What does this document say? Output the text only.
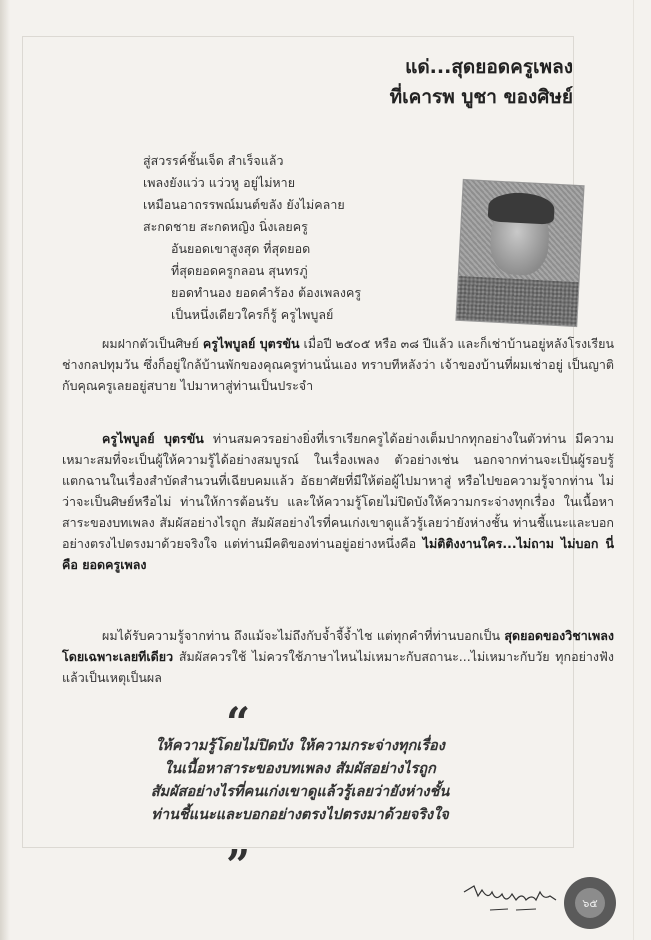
แด่...สุดยอดครูเพลง
ที่เคารพ บูชา ของศิษย์
สู่สวรรค์ชั้นเจ็ด สำเร็จแล้ว
เพลงยังแว่ว แว่วหู อยู่ไม่หาย
เหมือนอาถรรพณ์มนต์ขลัง ยังไม่คลาย
สะกดชาย สะกดหญิง นิ่งเลยครู
อันยอดเขาสูงสุด ที่สุดยอด
ที่สุดยอดครูกลอน สุนทรภู่
ยอดทำนอง ยอดคำร้อง ต้องเพลงครู
เป็นหนึ่งเดียวใครก็รู้ ครูไพบูลย์

ผมฝากตัวเป็นศิษย์ ครูไพบูลย์ บุตรขัน เมื่อปี ๒๕๐๕ หรือ ๓๘ ปีแล้ว และก็เช่าบ้านอยู่หลังโรงเรียนช่างกลปทุมวัน ซึ่งก็อยู่ใกล้บ้านพักของคุณครูท่านนั่นเอง ทราบทีหลังว่า เจ้าของบ้านที่ผมเช่าอยู่ เป็นญาติกับคุณครูเลยอยู่สบาย ไปมาหาสู่ท่านเป็นประจำ

ครูไพบูลย์ บุตรขัน ท่านสมควรอย่างยิ่งที่เราเรียกครูได้อย่างเต็มปากทุกอย่างในตัวท่าน มีความเหมาะสมที่จะเป็นผู้ให้ความรู้ได้อย่างสมบูรณ์ ในเรื่องเพลง ตัวอย่างเช่น นอกจากท่านจะเป็นผู้รอบรู้ แตกฉานในเรื่องสำบัดสำนวนที่เฉียบคมแล้ว อัธยาศัยที่มีให้ต่อผู้ไปมาหาสู่ หรือไปขอความรู้จากท่าน ไม่ว่าจะเป็นศิษย์หรือไม่ ท่านให้การต้อนรับ และให้ความรู้โดยไม่ปิดบังให้ความกระจ่างทุกเรื่อง ในเนื้อหาสาระของบทเพลง สัมผัสอย่างไรถูก สัมผัสอย่างไรที่คนเก่งเขาดูแล้วรู้เลยว่ายังห่างชั้น ท่านชี้แนะและบอกอย่างตรงไปตรงมาด้วยจริงใจ แต่ท่านมีคติของท่านอยู่อย่างหนึ่งคือ ไม่ติติงงานใคร...ไม่ถาม ไม่บอก นี่คือ ยอดครูเพลง

ผมได้รับความรู้จากท่าน ถึงแม้จะไม่ถึงกับจ้ำจี้จ้ำไช แต่ทุกคำที่ท่านบอกเป็น สุดยอดของวิชาเพลงโดยเฉพาะเลยทีเดียว สัมผัสควรใช้ ไม่ควรใช้ภาษาไหนไม่เหมาะกับสถานะ...ไม่เหมาะกับวัย ทุกอย่างฟังแล้วเป็นเหตุเป็นผล

“
ให้ความรู้โดยไม่ปิดบัง ให้ความกระจ่างทุกเรื่อง
ในเนื้อหาสาระของบทเพลง สัมผัสอย่างไรถูก
สัมผัสอย่างไรที่คนเก่งเขาดูแล้วรู้เลยว่ายังห่างชั้น
ท่านชี้แนะและบอกอย่างตรงไปตรงมาด้วยจริงใจ
”
๖๕
